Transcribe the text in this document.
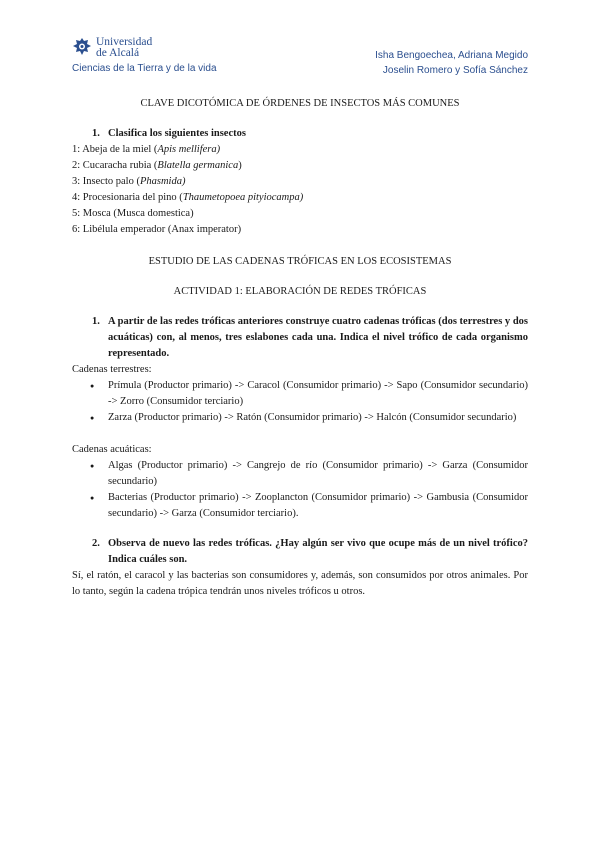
Universidad
de Alcalá
Ciencias de la Tierra y de la vida
Isha Bengoechea, Adriana Megido
Joselin Romero y Sofía Sánchez

CLAVE DICOTÓMICA DE ÓRDENES DE INSECTOS MÁS COMUNES

1. Clasifica los siguientes insectos
1: Abeja de la miel (Apis mellifera)
2: Cucaracha rubia (Blatella germanica)
3: Insecto palo (Phasmida)
4: Procesionaria del pino (Thaumetopoea pityiocampa)
5: Mosca (Musca domestica)
6: Libélula emperador (Anax imperator)

ESTUDIO DE LAS CADENAS TRÓFICAS EN LOS ECOSISTEMAS

ACTIVIDAD 1: ELABORACIÓN DE REDES TRÓFICAS

1. A partir de las redes tróficas anteriores construye cuatro cadenas tróficas (dos terrestres y dos acuáticas) con, al menos, tres eslabones cada una. Indica el nivel trófico de cada organismo representado.
Cadenas terrestres:
● Prímula (Productor primario) -> Caracol (Consumidor primario) -> Sapo (Consumidor secundario) -> Zorro (Consumidor terciario)
● Zarza (Productor primario) -> Ratón (Consumidor primario) -> Halcón (Consumidor secundario)
Cadenas acuáticas:
● Algas (Productor primario) -> Cangrejo de río (Consumidor primario) -> Garza (Consumidor secundario)
● Bacterias (Productor primario) -> Zooplancton (Consumidor primario) -> Gambusia (Consumidor secundario) -> Garza (Consumidor terciario).
2. Observa de nuevo las redes tróficas. ¿Hay algún ser vivo que ocupe más de un nivel trófico? Indica cuáles son.
Sí, el ratón, el caracol y las bacterias son consumidores y, además, son consumidos por otros animales. Por lo tanto, según la cadena trópica tendrán unos niveles tróficos u otros.
